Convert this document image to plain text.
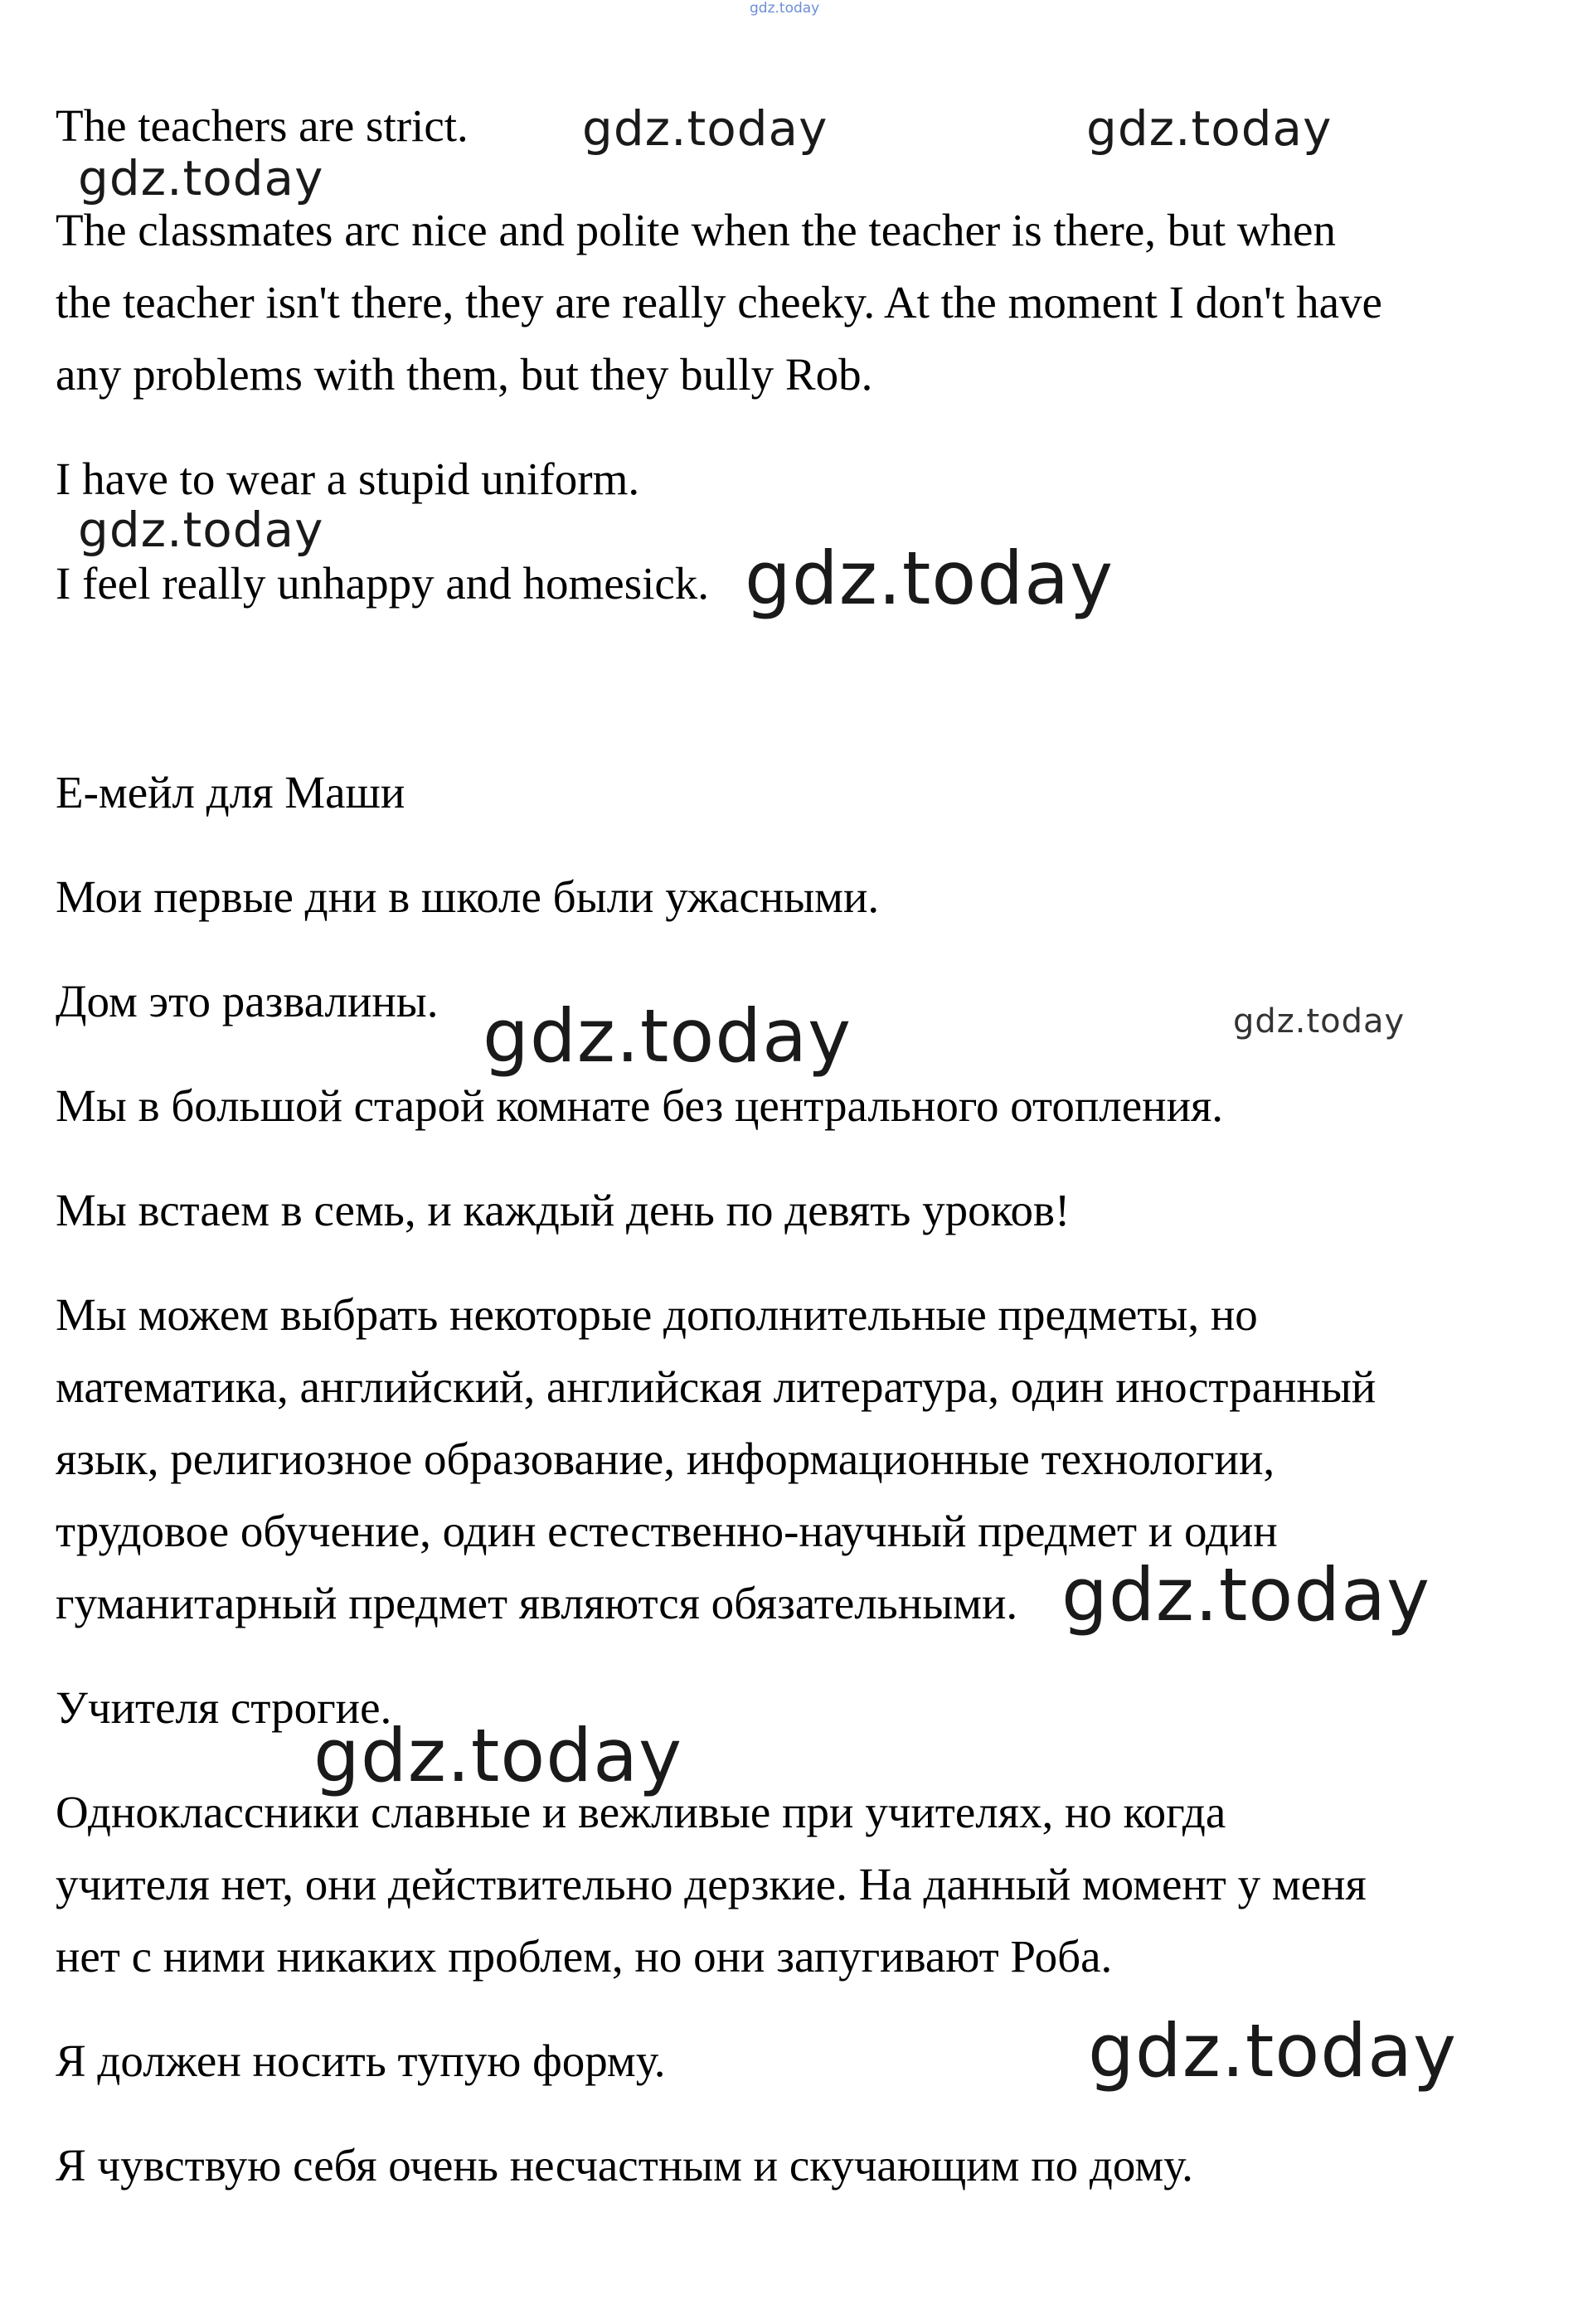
gdz.today

The teachers are strict.

The classmates arc nice and polite when the teacher is there, but when

the teacher isn't there, they are really cheeky. At the moment I don't have

any problems with them, but they bully Rob.

I have to wear a stupid uniform.

I feel really unhappy and homesick.

Е-мейл для Маши

Мои первые дни в школе были ужасными.

Дом это развалины.

Мы в большой старой комнате без центрального отопления.

Мы встаем в семь, и каждый день по девять уроков!

Мы можем выбрать некоторые дополнительные предметы, но

математика, английский, английская литература, один иностранный

язык, религиозное образование, информационные технологии,

трудовое обучение, один естественно-научный предмет и один

гуманитарный предмет являются обязательными.

Учителя строгие.

Одноклассники славные и вежливые при учителях, но когда

учителя нет, они действительно дерзкие. На данный момент у меня

нет с ними никаких проблем, но они запугивают Роба.

Я должен носить тупую форму.

Я чувствую себя очень несчастным и скучающим по дому.

gdz.today	gdz.today
gdz.today
gdz.today
gdz.today
gdz.today	gdz.today
gdz.today
gdz.today
gdz.today
